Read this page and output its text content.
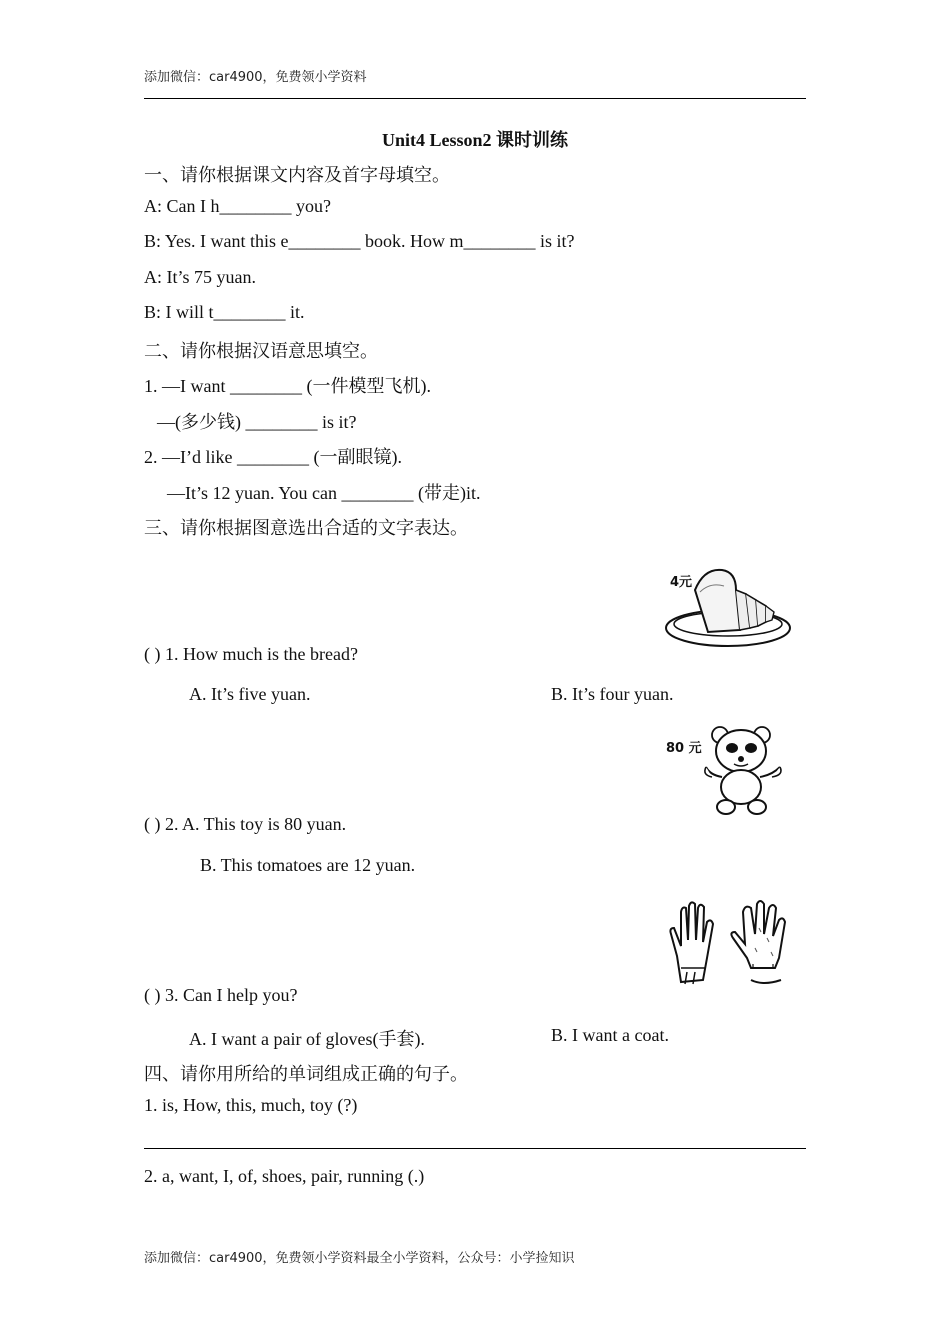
添加微信：car4900，免费领小学资料
Unit4 Lesson2 课时训练
一、请你根据课文内容及首字母填空。
A: Can I h________ you?
B: Yes. I want this e________ book. How m________ is it?
A: It’s 75 yuan.
B: I will t________ it.
二、请你根据汉语意思填空。
1. —I want ________ (一件模型飞机).
—(多少钱) ________ is it?
2. —I’d like ________ (一副眼镜).
—It’s 12 yuan. You can ________ (带走)it.
三、请你根据图意选出合适的文字表达。
4元
( ) 1. How much is the bread?
A. It’s five yuan.	B. It’s four yuan.
80 元
( ) 2. A. This toy is 80 yuan.
B. This tomatoes are 12 yuan.
( ) 3. Can I help you?
A. I want a pair of gloves(手套).	B. I want a coat.
四、请你用所给的单词组成正确的句子。
1. is, How, this, much, toy (?)
2. a, want, I, of, shoes, pair, running (.)
添加微信：car4900，免费领小学资料最全小学资料，公众号：小学捡知识
